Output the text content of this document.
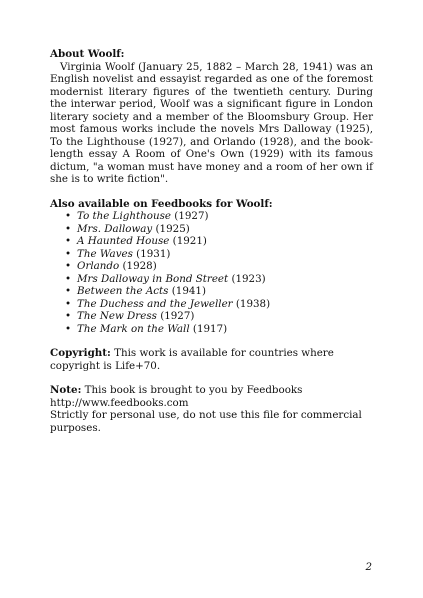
About Woolf:

Virginia Woolf (January 25, 1882 – March 28, 1941) was an English novelist and essayist regarded as one of the foremost modernist literary figures of the twentieth century. During the interwar period, Woolf was a significant figure in London literary society and a member of the Bloomsbury Group. Her most famous works include the novels Mrs Dalloway (1925), To the Lighthouse (1927), and Orlando (1928), and the book-length essay A Room of One's Own (1929) with its famous dictum, "a woman must have money and a room of her own if she is to write fiction".

Also available on Feedbooks for Woolf:

• To the Lighthouse (1927)
• Mrs. Dalloway (1925)
• A Haunted House (1921)
• The Waves (1931)
• Orlando (1928)
• Mrs Dalloway in Bond Street (1923)
• Between the Acts (1941)
• The Duchess and the Jeweller (1938)
• The New Dress (1927)
• The Mark on the Wall (1917)

Copyright: This work is available for countries where copyright is Life+70.

Note: This book is brought to you by Feedbooks

http://www.feedbooks.com

Strictly for personal use, do not use this file for commercial purposes.

2
